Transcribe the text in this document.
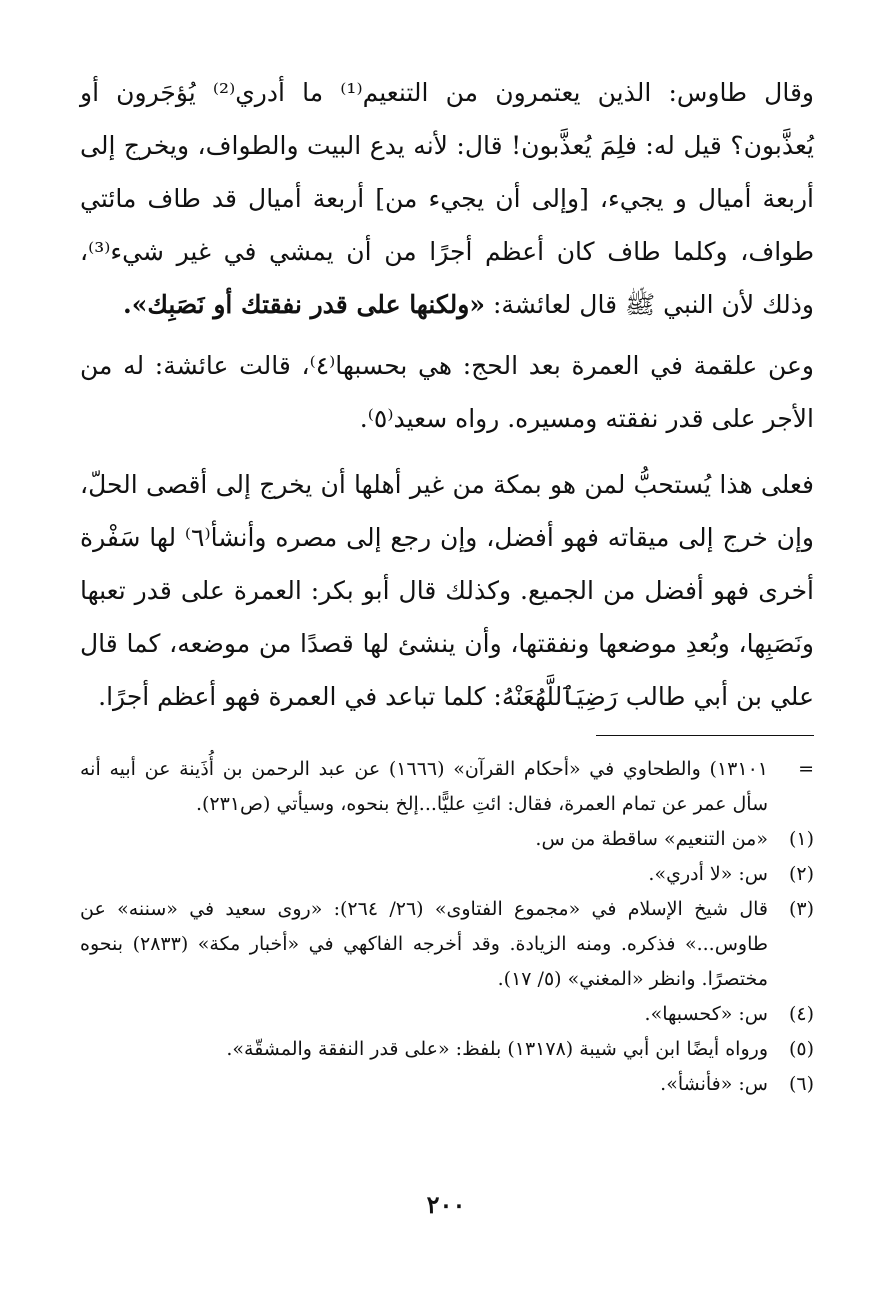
وقال طاوس: الذين يعتمرون من التنعيم⁽¹⁾ ما أدري⁽²⁾ يُؤجَرون أو يُعذَّبون؟ قيل له: فلِمَ يُعذَّبون! قال: لأنه يدع البيت والطواف، ويخرج إلى أربعة أميال و يجيء، [وإلى أن يجيء من] أربعة أميال قد طاف مائتي طواف، وكلما طاف كان أعظم أجرًا من أن يمشي في غير شيء⁽³⁾، وذلك لأن النبي ﷺ قال لعائشة: «ولكنها على قدر نفقتك أو نَصَبِك».

وعن علقمة في العمرة بعد الحج: هي بحسبها⁽٤⁾، قالت عائشة: له من الأجر على قدر نفقته ومسيره. رواه سعيد⁽٥⁾.

فعلى هذا يُستحبُّ لمن هو بمكة من غير أهلها أن يخرج إلى أقصى الحلّ، وإن خرج إلى ميقاته فهو أفضل، وإن رجع إلى مصره وأنشأ⁽٦⁾ لها سَفْرة أخرى فهو أفضل من الجميع. وكذلك قال أبو بكر: العمرة على قدر تعبها ونَصَبِها، وبُعدِ موضعها ونفقتها، وأن ينشئ لها قصدًا من موضعه، كما قال علي بن أبي طالب رَضِيَٱللَّهُعَنْهُ: كلما تباعد في العمرة فهو أعظم أجرًا.

=
١٣١٠١) والطحاوي في «أحكام القرآن» (١٦٦٦) عن عبد الرحمن بن أُذَينة عن أبيه أنه سأل عمر عن تمام العمرة، فقال: ائتِ عليًّا...إلخ بنحوه، وسيأتي (ص٢٣١).
(١)
«من التنعيم» ساقطة من س.
(٢)
س: «لا أدري».
(٣)
قال شيخ الإسلام في «مجموع الفتاوى» (٢٦/ ٢٦٤): «روى سعيد في «سننه» عن طاوس...» فذكره. ومنه الزيادة. وقد أخرجه الفاكهي في «أخبار مكة» (٢٨٣٣) بنحوه مختصرًا. وانظر «المغني» (٥/ ١٧).
(٤)
س: «كحسبها».
(٥)
ورواه أيضًا ابن أبي شيبة (١٣١٧٨) بلفظ: «على قدر النفقة والمشقّة».
(٦)
س: «فأنشأ».
٢٠٠
